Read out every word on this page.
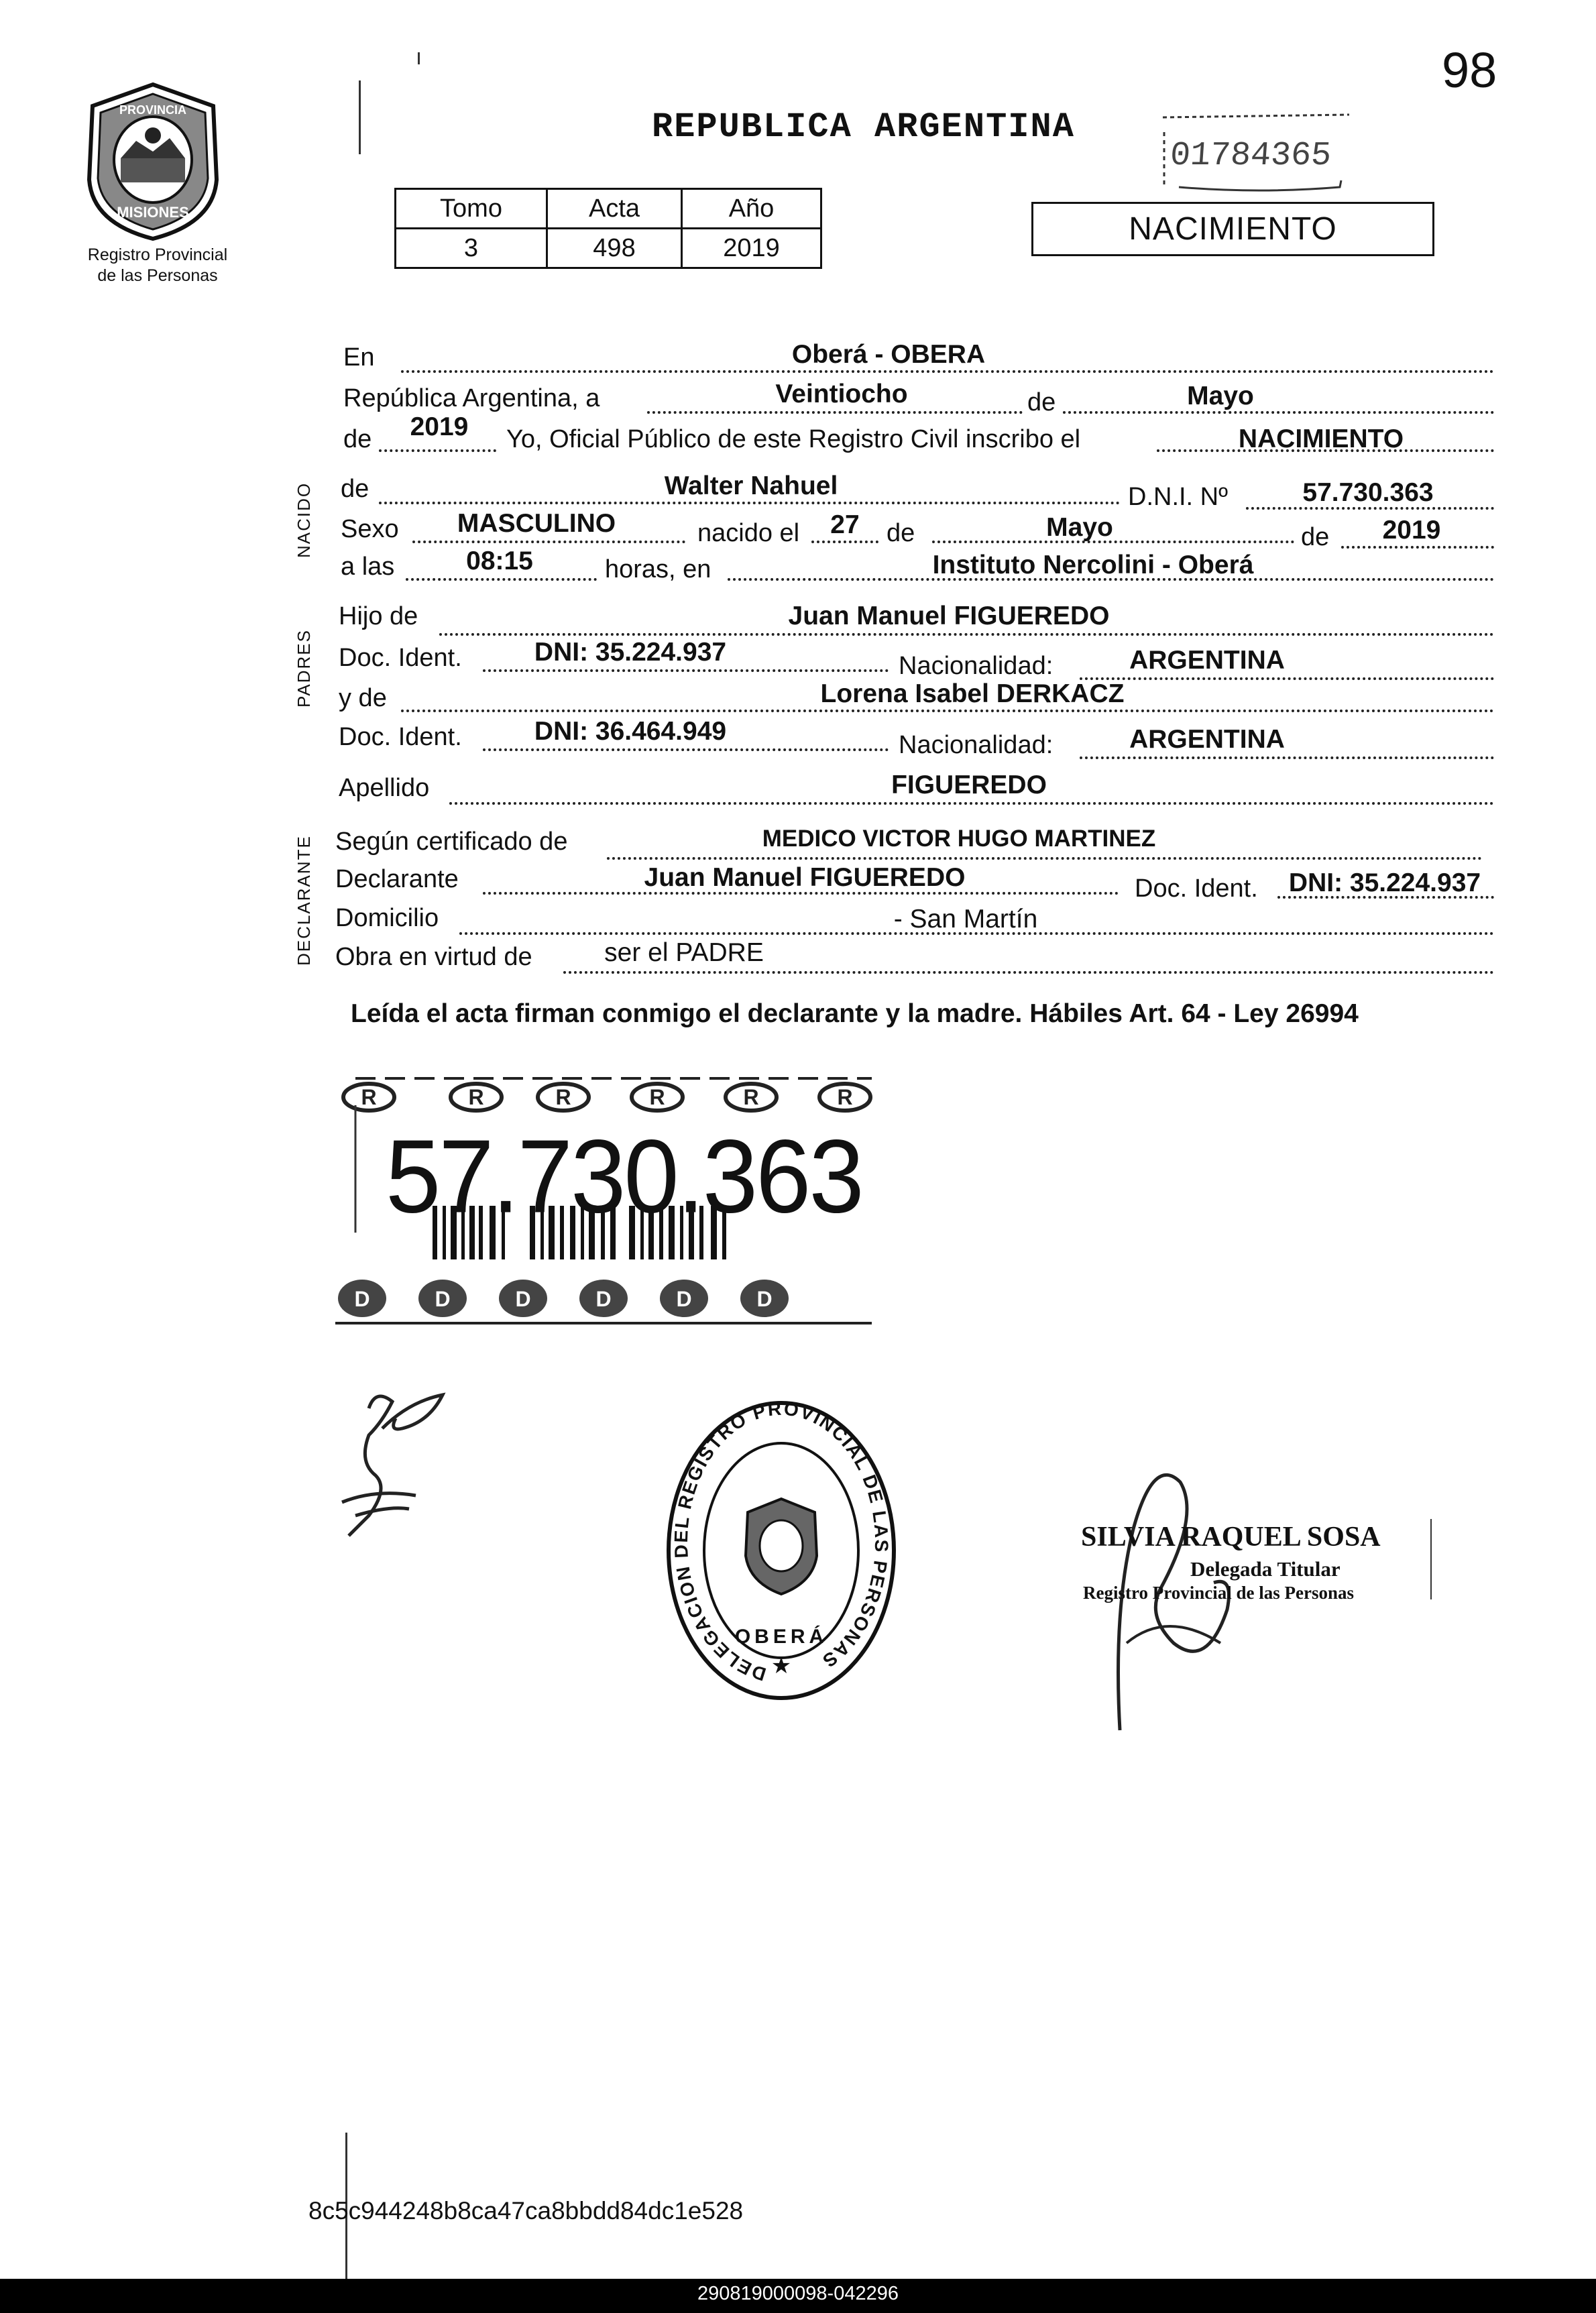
98
PROVINCIA
MISIONES
Registro Provincial
de las Personas
REPUBLICA ARGENTINA
01784365
Tomo	Acta	Año
3	498	2019
NACIMIENTO
NACIDO
PADRES
DECLARANTE
En	Oberá - OBERA
República Argentina, a	Veintiocho	de	Mayo
de	2019	Yo, Oficial Público de este Registro Civil inscribo el	NACIMIENTO
de	Walter Nahuel	D.N.I. Nº	57.730.363
Sexo	MASCULINO	nacido el	27	de	Mayo	de	2019
a las	08:15	horas, en	Instituto Nercolini - Oberá
Hijo de	Juan Manuel FIGUEREDO
Doc. Ident.	DNI: 35.224.937	Nacionalidad:	ARGENTINA
y de	Lorena Isabel DERKACZ
Doc. Ident.	DNI: 36.464.949	Nacionalidad:	ARGENTINA
Apellido	FIGUEREDO
Según certificado de	MEDICO VICTOR HUGO MARTINEZ
Declarante	Juan Manuel FIGUEREDO	Doc. Ident.	DNI: 35.224.937
Domicilio	- San Martín
Obra en virtud de	ser el PADRE
Leída el acta firman conmigo el declarante y la madre. Hábiles Art. 64 - Ley 26994
R	R	R	R	R	R
D	D	D	D	D	D
57.730.363
DELEGACION DEL REGISTRO PROVINCIAL DE LAS PERSONAS
OBERÁ
★
SILVIA RAQUEL SOSA
Delegada Titular
Registro Provincial de las Personas
8c5c944248b8ca47ca8bbdd84dc1e528
290819000098-042296
